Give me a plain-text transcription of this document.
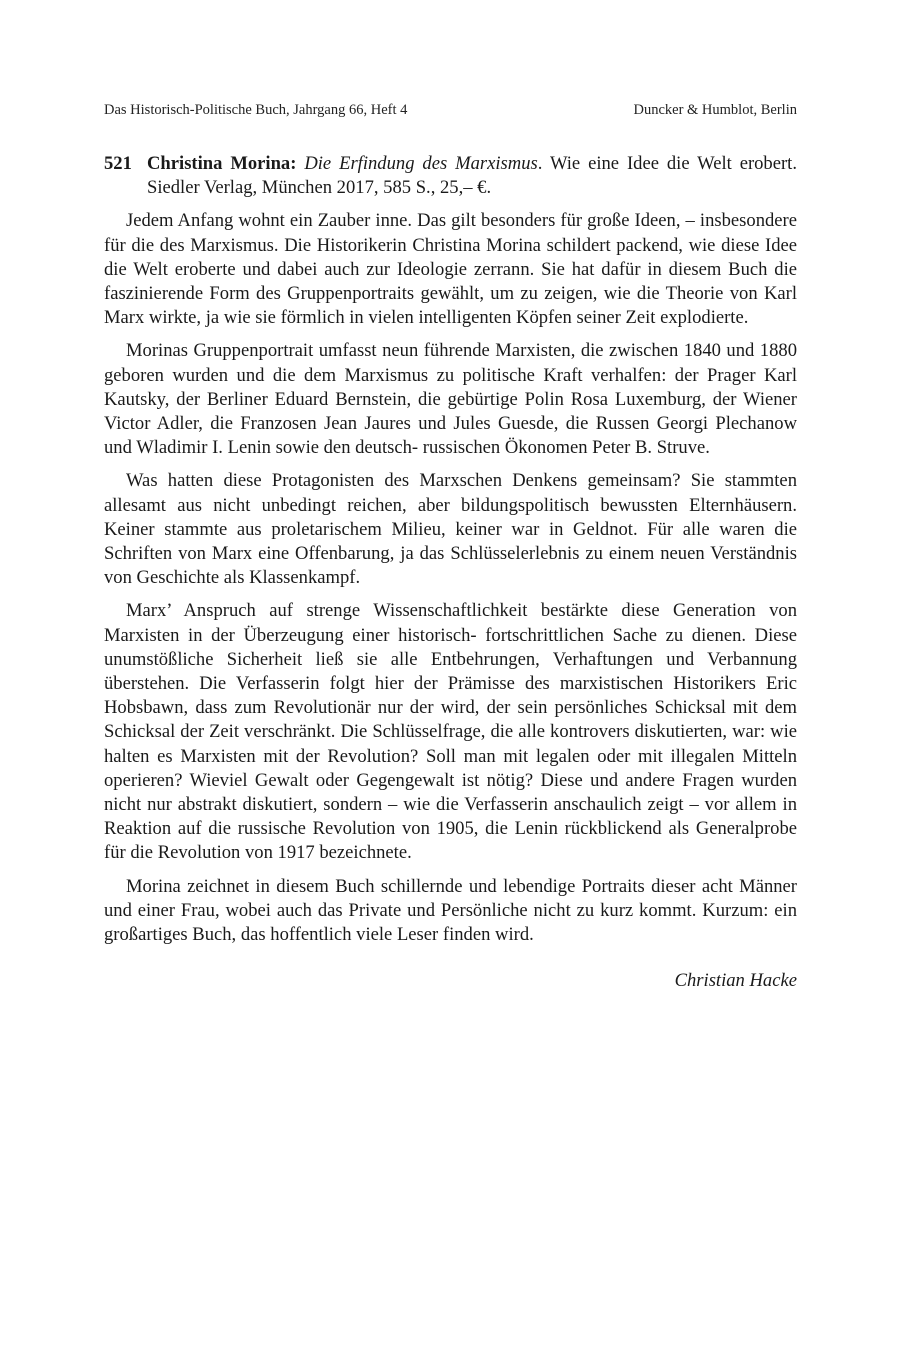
Das Historisch-Politische Buch, Jahrgang 66, Heft 4	Duncker & Humblot, Berlin
521 Christina Morina: Die Erfindung des Marxismus. Wie eine Idee die Welt erobert. Siedler Verlag, München 2017, 585 S., 25,– €.

Jedem Anfang wohnt ein Zauber inne. Das gilt besonders für große Ideen, – insbesondere für die des Marxismus. Die Historikerin Christina Morina schildert packend, wie diese Idee die Welt eroberte und dabei auch zur Ideologie zerrann. Sie hat dafür in diesem Buch die faszinierende Form des Gruppenportraits gewählt, um zu zeigen, wie die Theorie von Karl Marx wirkte, ja wie sie förmlich in vielen intelligenten Köpfen seiner Zeit explodierte.

Morinas Gruppenportrait umfasst neun führende Marxisten, die zwischen 1840 und 1880 geboren wurden und die dem Marxismus zu politische Kraft verhalfen: der Prager Karl Kautsky, der Berliner Eduard Bernstein, die gebürtige Polin Rosa Luxemburg, der Wiener Victor Adler, die Franzosen Jean Jaures und Jules Guesde, die Russen Georgi Plechanow und Wladimir I. Lenin sowie den deutsch- russischen Ökonomen Peter B. Struve.

Was hatten diese Protagonisten des Marxschen Denkens gemeinsam? Sie stammten allesamt aus nicht unbedingt reichen, aber bildungspolitisch bewussten Elternhäusern. Keiner stammte aus proletarischem Milieu, keiner war in Geldnot. Für alle waren die Schriften von Marx eine Offenbarung, ja das Schlüsselerlebnis zu einem neuen Verständnis von Geschichte als Klassenkampf.

Marx’ Anspruch auf strenge Wissenschaftlichkeit bestärkte diese Generation von Marxisten in der Überzeugung einer historisch- fortschrittlichen Sache zu dienen. Diese unumstößliche Sicherheit ließ sie alle Entbehrungen, Verhaftungen und Verbannung überstehen. Die Verfasserin folgt hier der Prämisse des marxistischen Historikers Eric Hobsbawn, dass zum Revolutionär nur der wird, der sein persönliches Schicksal mit dem Schicksal der Zeit verschränkt. Die Schlüsselfrage, die alle kontrovers diskutierten, war: wie halten es Marxisten mit der Revolution? Soll man mit legalen oder mit illegalen Mitteln operieren? Wieviel Gewalt oder Gegengewalt ist nötig? Diese und andere Fragen wurden nicht nur abstrakt diskutiert, sondern – wie die Verfasserin anschaulich zeigt – vor allem in Reaktion auf die russische Revolution von 1905, die Lenin rückblickend als Generalprobe für die Revolution von 1917 bezeichnete.

Morina zeichnet in diesem Buch schillernde und lebendige Portraits dieser acht Männer und einer Frau, wobei auch das Private und Persönliche nicht zu kurz kommt. Kurzum: ein großartiges Buch, das hoffentlich viele Leser finden wird.

Christian Hacke
